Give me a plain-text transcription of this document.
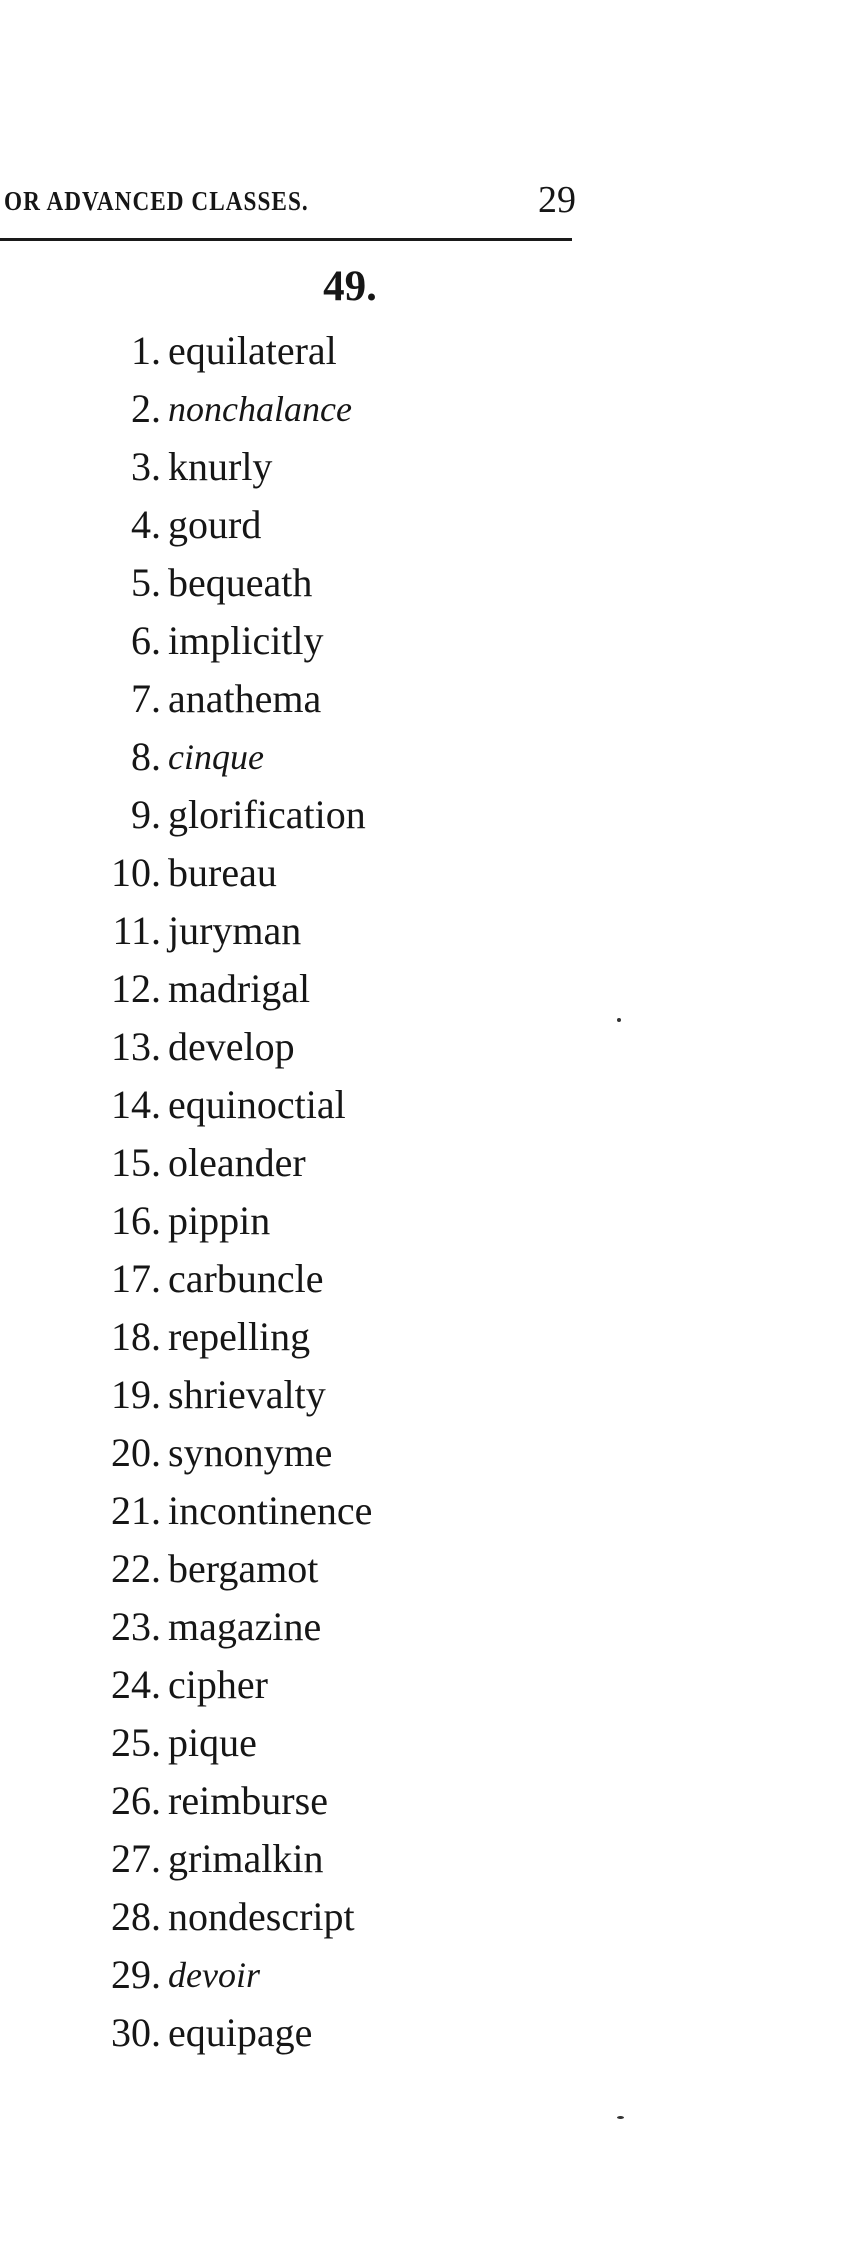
OR ADVANCED CLASSES.	29
49.
1. equilateral
2. nonchalance
3. knurly
4. gourd
5. bequeath
6. implicitly
7. anathema
8. cinque
9. glorification
10. bureau
11. juryman
12. madrigal
13. develop
14. equinoctial
15. oleander
16. pippin
17. carbuncle
18. repelling
19. shrievalty
20. synonyme
21. incontinence
22. bergamot
23. magazine
24. cipher
25. pique
26. reimburse
27. grimalkin
28. nondescript
29. devoir
30. equipage
